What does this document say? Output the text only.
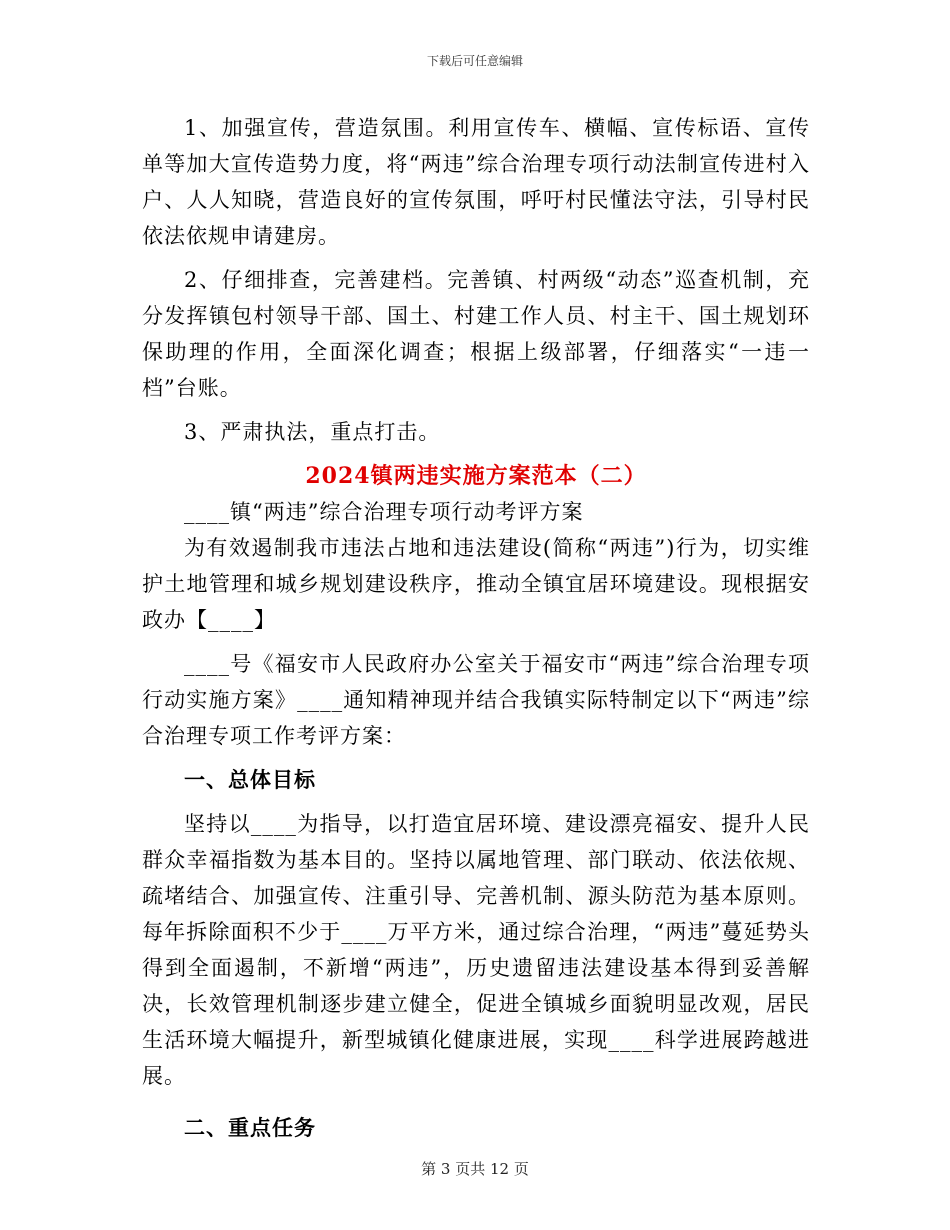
下载后可任意编辑

1、加强宣传，营造氛围。利用宣传车、横幅、宣传标语、宣传单等加大宣传造势力度，将“两违”综合治理专项行动法制宣传进村入户、人人知晓，营造良好的宣传氛围，呼吁村民懂法守法，引导村民依法依规申请建房。

2、仔细排查，完善建档。完善镇、村两级“动态”巡查机制，充分发挥镇包村领导干部、国土、村建工作人员、村主干、国土规划环保助理的作用，全面深化调查；根据上级部署，仔细落实“一违一档”台账。

3、严肃执法，重点打击。

2024镇两违实施方案范本（二）

____镇“两违”综合治理专项行动考评方案

为有效遏制我市违法占地和违法建设(简称“两违”)行为，切实维护土地管理和城乡规划建设秩序，推动全镇宜居环境建设。现根据安政办【____】

____号《福安市人民政府办公室关于福安市“两违”综合治理专项行动实施方案》____通知精神现并结合我镇实际特制定以下“两违”综合治理专项工作考评方案：

一、总体目标

坚持以____为指导，以打造宜居环境、建设漂亮福安、提升人民群众幸福指数为基本目的。坚持以属地管理、部门联动、依法依规、疏堵结合、加强宣传、注重引导、完善机制、源头防范为基本原则。每年拆除面积不少于____万平方米，通过综合治理，“两违”蔓延势头得到全面遏制，不新增“两违”，历史遗留违法建设基本得到妥善解决，长效管理机制逐步建立健全，促进全镇城乡面貌明显改观，居民生活环境大幅提升，新型城镇化健康进展，实现____科学进展跨越进展。

二、重点任务

第 3 页共 12 页
